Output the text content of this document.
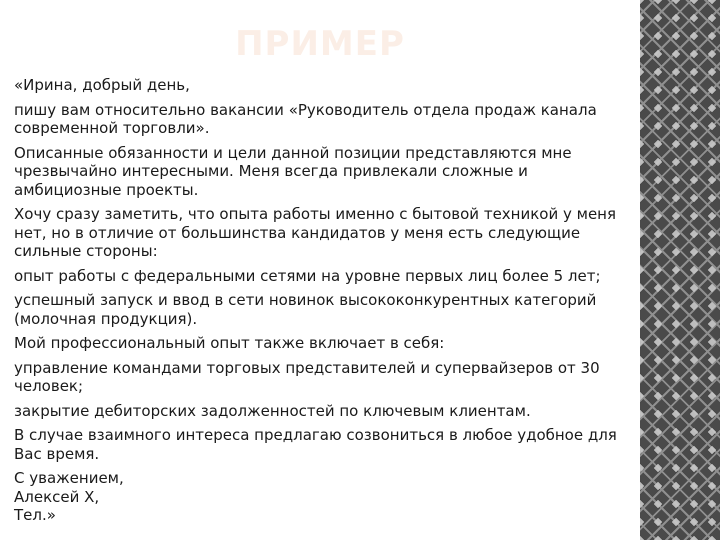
ПРИМЕР

«Ирина, добрый день,

пишу вам относительно вакансии «Руководитель отдела продаж канала современной торговли».

Описанные обязанности и цели данной позиции представляются мне чрезвычайно интересными. Меня всегда привлекали сложные и амбициозные проекты.

Хочу сразу заметить, что опыта работы именно с бытовой техникой у меня нет, но в отличие от большинства кандидатов у меня есть следующие сильные стороны:

опыт работы с федеральными сетями на уровне первых лиц более 5 лет;

успешный запуск и ввод в сети новинок высококонкурентных категорий (молочная продукция).

Мой профессиональный опыт также включает в себя:

управление командами торговых представителей и супервайзеров от 30 человек;

закрытие дебиторских задолженностей по ключевым клиентам.

В случае взаимного интереса предлагаю созвониться в любое удобное для Вас время.

С уважением,
Алексей Х,
Тел.»
